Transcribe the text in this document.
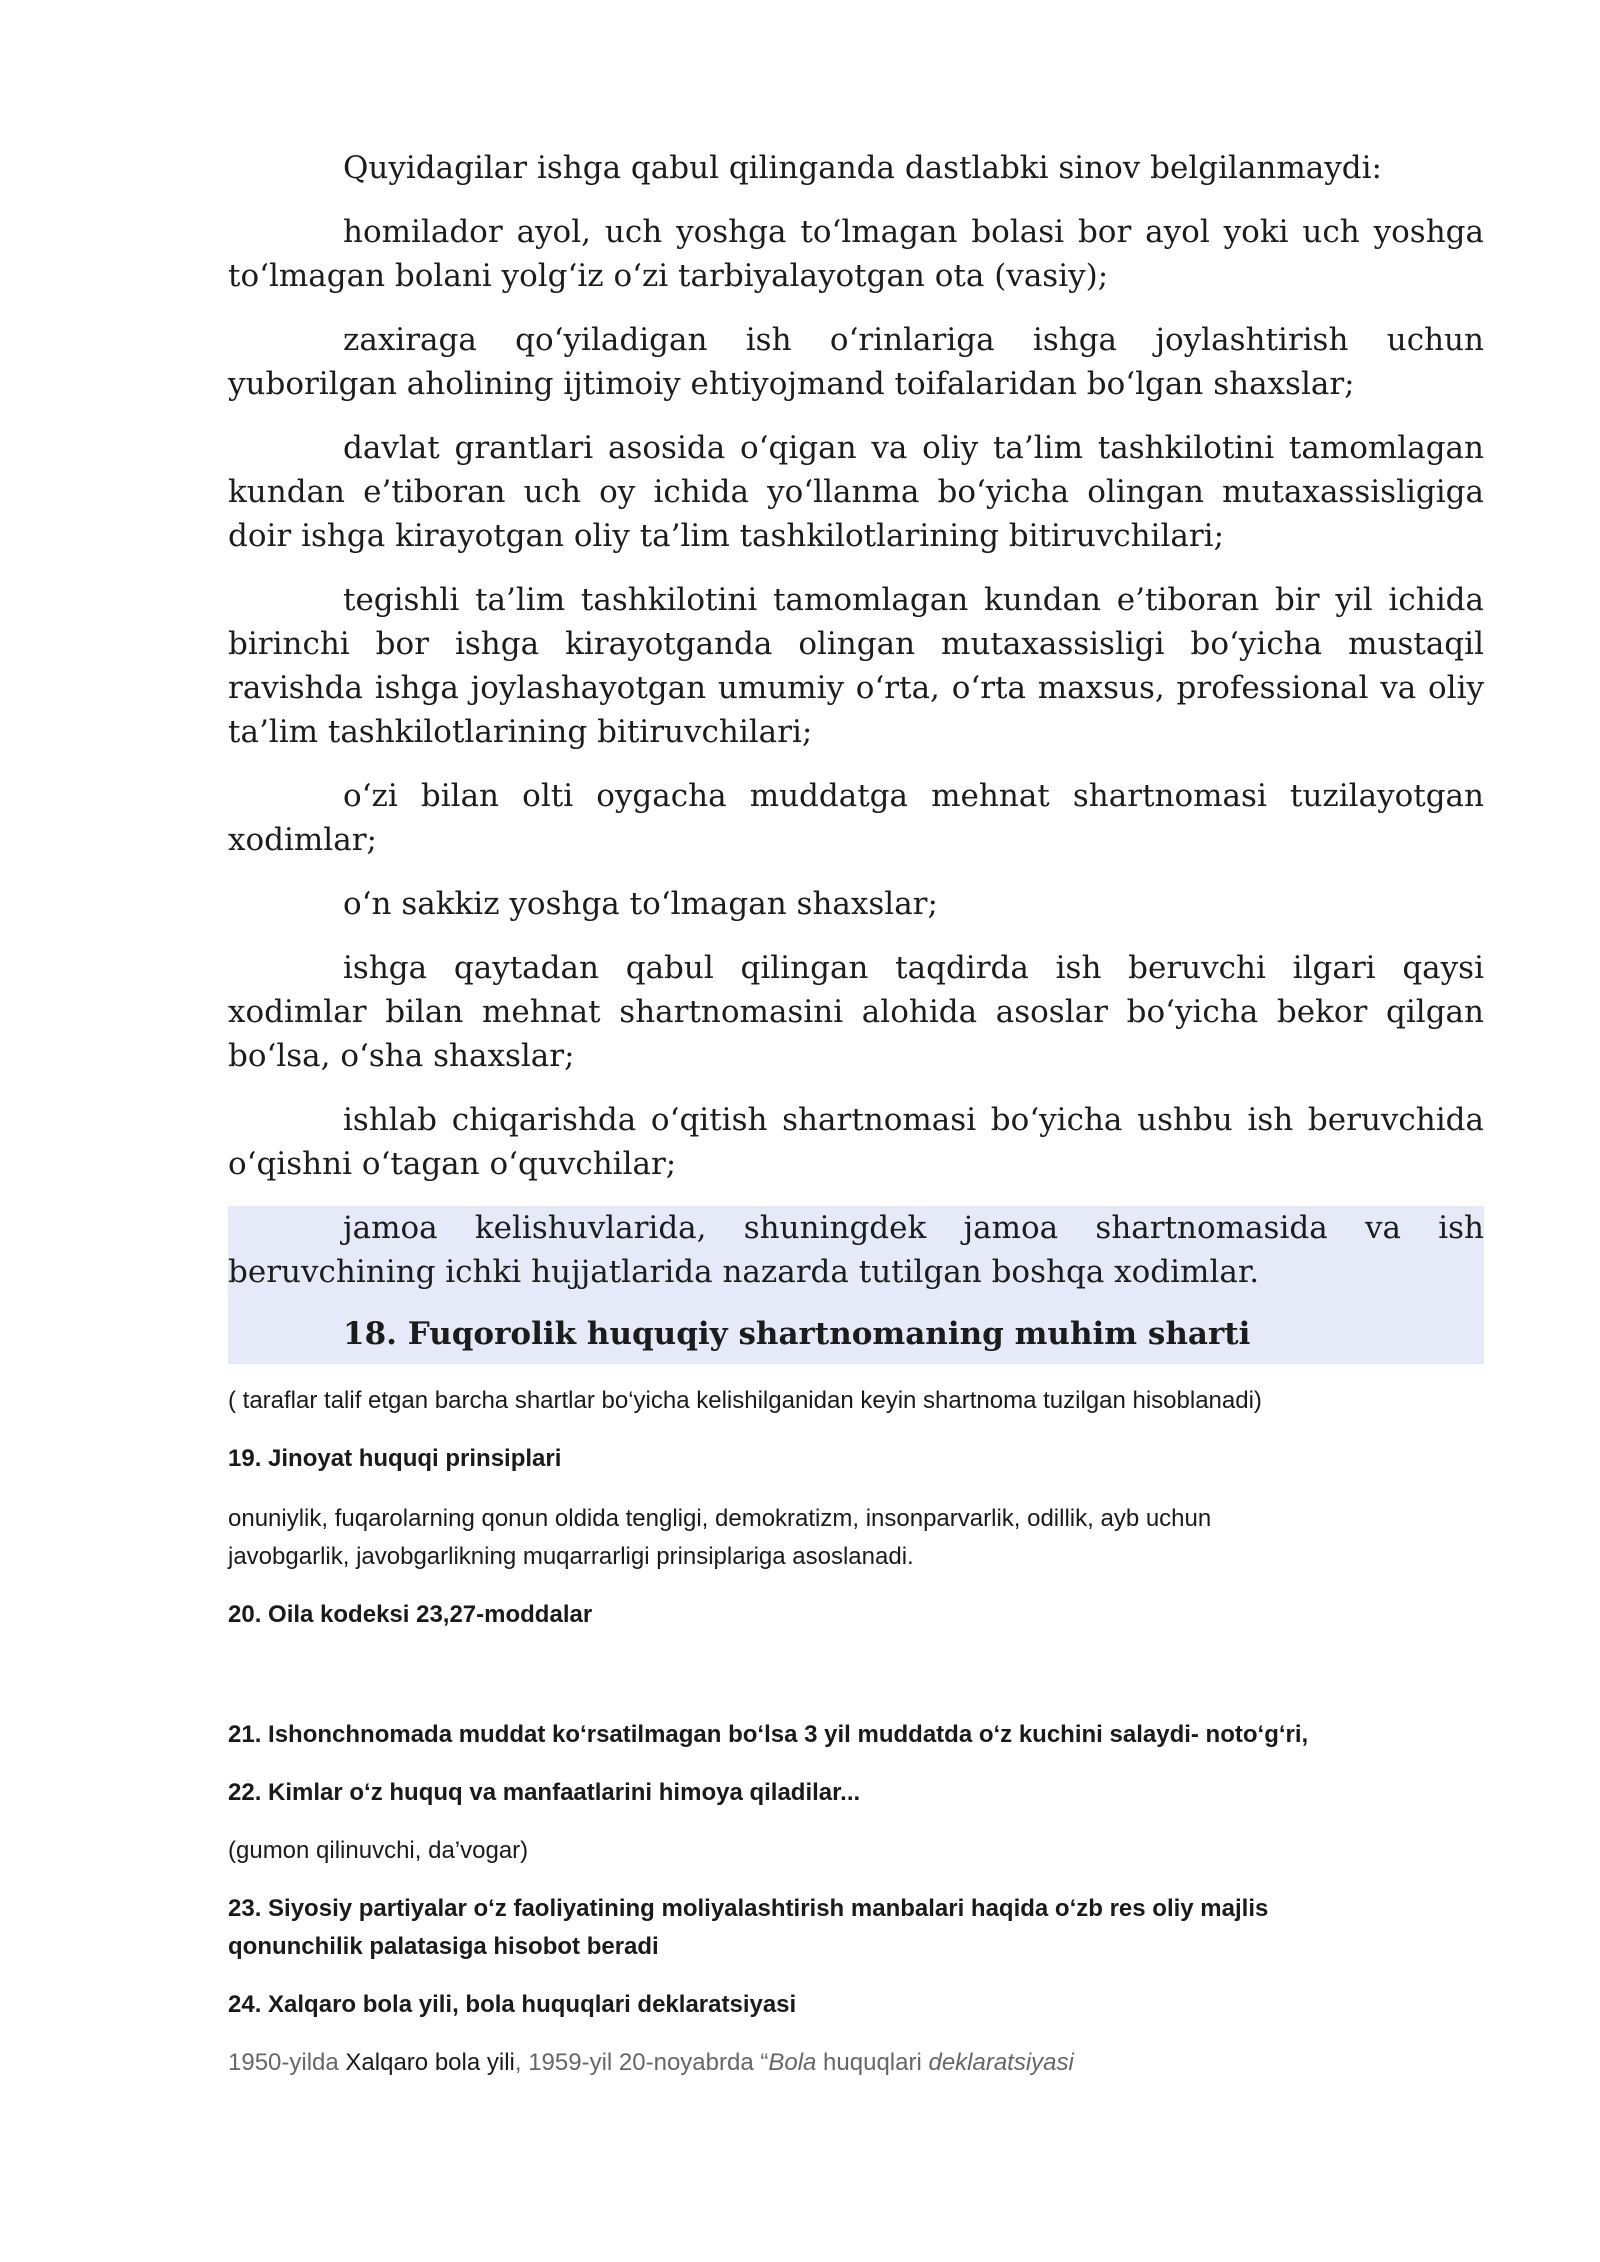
Quyidagilar ishga qabul qilinganda dastlabki sinov belgilanmaydi:

homilador ayol, uch yoshga to‘lmagan bolasi bor ayol yoki uch yoshga to‘lmagan bolani yolg‘iz o‘zi tarbiyalayotgan ota (vasiy);

zaxiraga qo‘yiladigan ish o‘rinlariga ishga joylashtirish uchun yuborilgan aholining ijtimoiy ehtiyojmand toifalaridan bo‘lgan shaxslar;

davlat grantlari asosida o‘qigan va oliy ta’lim tashkilotini tamomlagan kundan e’tiboran uch oy ichida yo‘llanma bo‘yicha olingan mutaxassisligiga doir ishga kirayotgan oliy ta’lim tashkilotlarining bitiruvchilari;

tegishli ta’lim tashkilotini tamomlagan kundan e’tiboran bir yil ichida birinchi bor ishga kirayotganda olingan mutaxassisligi bo‘yicha mustaqil ravishda ishga joylashayotgan umumiy o‘rta, o‘rta maxsus, professional va oliy ta’lim tashkilotlarining bitiruvchilari;

o‘zi bilan olti oygacha muddatga mehnat shartnomasi tuzilayotgan xodimlar;

o‘n sakkiz yoshga to‘lmagan shaxslar;

ishga qaytadan qabul qilingan taqdirda ish beruvchi ilgari qaysi xodimlar bilan mehnat shartnomasini alohida asoslar bo‘yicha bekor qilgan bo‘lsa, o‘sha shaxslar;

ishlab chiqarishda o‘qitish shartnomasi bo‘yicha ushbu ish beruvchida o‘qishni o‘tagan o‘quvchilar;

jamoa kelishuvlarida, shuningdek jamoa shartnomasida va ish beruvchining ichki hujjatlarida nazarda tutilgan boshqa xodimlar.

18. Fuqorolik huquqiy shartnomaning muhim sharti

( taraflar talif etgan barcha shartlar bo‘yicha kelishilganidan keyin shartnoma tuzilgan hisoblanadi)

19. Jinoyat huquqi prinsiplari

onuniylik, fuqarolarning qonun oldida tengligi, demokratizm, insonparvarlik, odillik, ayb uchun

javobgarlik, javobgarlikning muqarrarligi prinsiplariga asoslanadi.

20. Oila kodeksi 23,27-moddalar

21. Ishonchnomada muddat ko‘rsatilmagan bo‘lsa 3 yil muddatda o‘z kuchini salaydi- noto‘g‘ri,

22. Kimlar o‘z huquq va manfaatlarini himoya qiladilar...

(gumon qilinuvchi, da’vogar)

23. Siyosiy partiyalar o‘z faoliyatining moliyalashtirish manbalari haqida o‘zb res oliy majlis

qonunchilik palatasiga hisobot beradi

24. Xalqaro bola yili, bola huquqlari deklaratsiyasi

1950-yilda Xalqaro bola yili, 1959-yil 20-noyabrda “Bola huquqlari deklaratsiyasi
